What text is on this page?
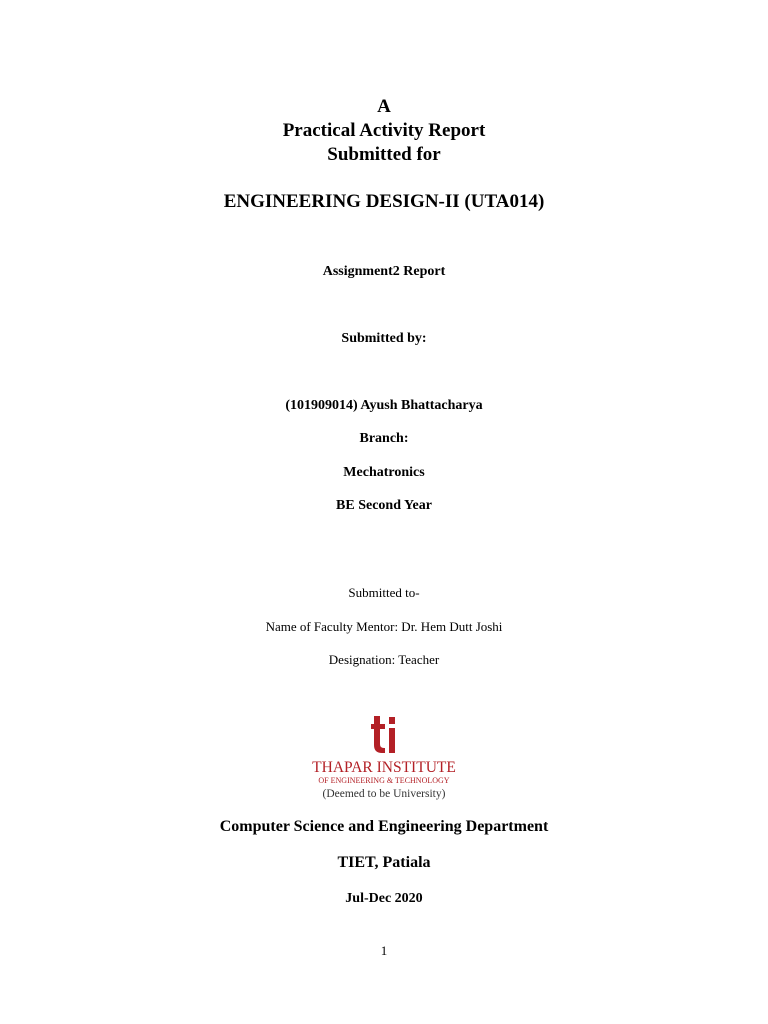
A
Practical Activity Report
Submitted for
ENGINEERING DESIGN-II (UTA014)
Assignment2 Report
Submitted by:
(101909014) Ayush Bhattacharya
Branch:
Mechatronics
BE Second Year
Submitted to-
Name of Faculty Mentor: Dr. Hem Dutt Joshi
Designation: Teacher
THAPAR INSTITUTE
OF ENGINEERING & TECHNOLOGY
(Deemed to be University)
Computer Science and Engineering Department
TIET, Patiala
Jul-Dec 2020
1
